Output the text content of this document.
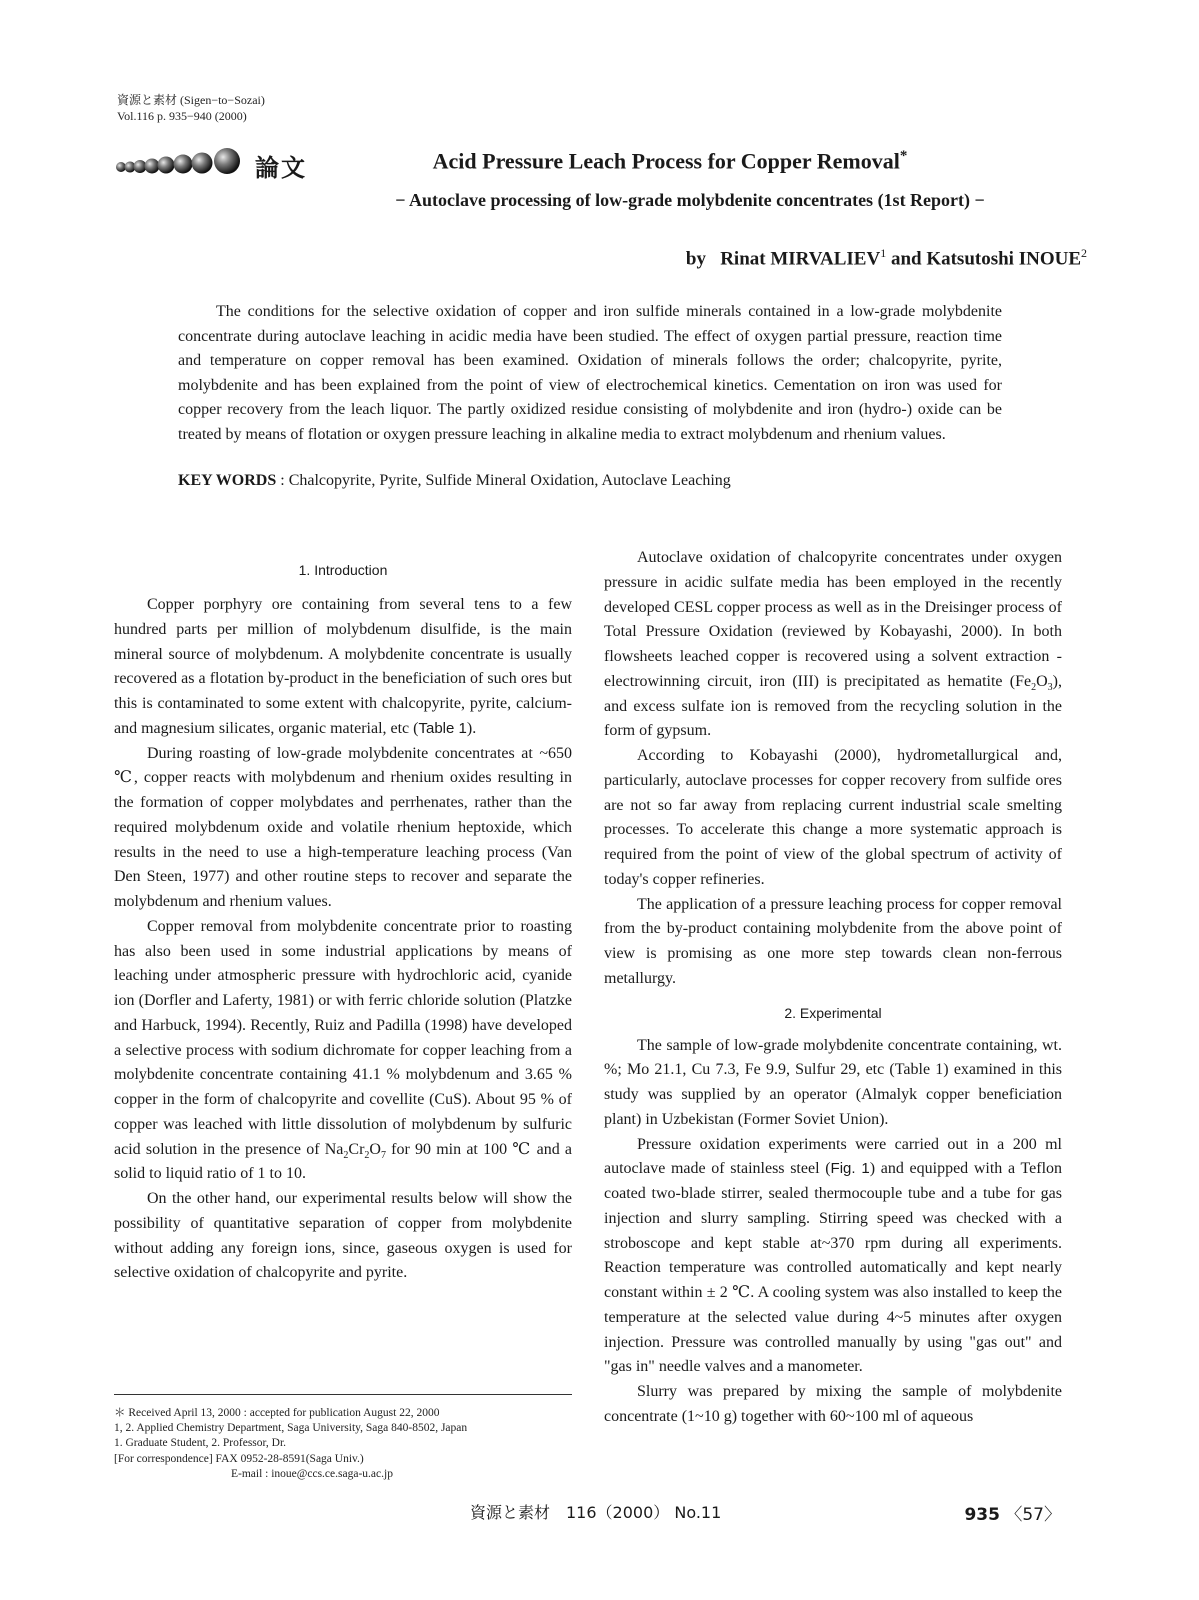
資源と素材 (Sigen−to−Sozai)
Vol.116 p. 935−940 (2000)
論文	Acid Pressure Leach Process for Copper Removal*
− Autoclave processing of low-grade molybdenite concentrates (1st Report) −
by Rinat MIRVALIEV$^1$ and Katsutoshi INOUE$^2$

The conditions for the selective oxidation of copper and iron sulfide minerals contained in a low-grade molybdenite concentrate during autoclave leaching in acidic media have been studied. The effect of oxygen partial pressure, reaction time and temperature on copper removal has been examined. Oxidation of minerals follows the order; chalcopyrite, pyrite, molybdenite and has been explained from the point of view of electrochemical kinetics. Cementation on iron was used for copper recovery from the leach liquor. The partly oxidized residue consisting of molybdenite and iron (hydro-) oxide can be treated by means of flotation or oxygen pressure leaching in alkaline media to extract molybdenum and rhenium values.

KEY WORDS : Chalcopyrite, Pyrite, Sulfide Mineral Oxidation, Autoclave Leaching
1. Introduction

Copper porphyry ore containing from several tens to a few hundred parts per million of molybdenum disulfide, is the main mineral source of molybdenum. A molybdenite concentrate is usually recovered as a flotation by-product in the beneficiation of such ores but this is contaminated to some extent with chalcopyrite, pyrite, calcium- and magnesium silicates, organic material, etc (Table 1).

During roasting of low-grade molybdenite concentrates at ~650 ℃, copper reacts with molybdenum and rhenium oxides resulting in the formation of copper molybdates and perrhenates, rather than the required molybdenum oxide and volatile rhenium heptoxide, which results in the need to use a high-temperature leaching process (Van Den Steen, 1977) and other routine steps to recover and separate the molybdenum and rhenium values.

Copper removal from molybdenite concentrate prior to roasting has also been used in some industrial applications by means of leaching under atmospheric pressure with hydrochloric acid, cyanide ion (Dorfler and Laferty, 1981) or with ferric chloride solution (Platzke and Harbuck, 1994). Recently, Ruiz and Padilla (1998) have developed a selective process with sodium dichromate for copper leaching from a molybdenite concentrate containing 41.1 % molybdenum and 3.65 % copper in the form of chalcopyrite and covellite (CuS). About 95 % of copper was leached with little dissolution of molybdenum by sulfuric acid solution in the presence of $Na_2Cr_2O_7$ for 90 min at 100 ℃ and a solid to liquid ratio of 1 to 10.

On the other hand, our experimental results below will show the possibility of quantitative separation of copper from molybdenite without adding any foreign ions, since, gaseous oxygen is used for selective oxidation of chalcopyrite and pyrite.

Autoclave oxidation of chalcopyrite concentrates under oxygen pressure in acidic sulfate media has been employed in the recently developed CESL copper process as well as in the Dreisinger process of Total Pressure Oxidation (reviewed by Kobayashi, 2000). In both flowsheets leached copper is recovered using a solvent extraction - electrowinning circuit, iron (III) is precipitated as hematite $(Fe_2O_3)$, and excess sulfate ion is removed from the recycling solution in the form of gypsum.

According to Kobayashi (2000), hydrometallurgical and, particularly, autoclave processes for copper recovery from sulfide ores are not so far away from replacing current industrial scale smelting processes. To accelerate this change a more systematic approach is required from the point of view of the global spectrum of activity of today's copper refineries.

The application of a pressure leaching process for copper removal from the by-product containing molybdenite from the above point of view is promising as one more step towards clean non-ferrous metallurgy.

2. Experimental

The sample of low-grade molybdenite concentrate containing, wt. %; Mo 21.1, Cu 7.3, Fe 9.9, Sulfur 29, etc (Table 1) examined in this study was supplied by an operator (Almalyk copper beneficiation plant) in Uzbekistan (Former Soviet Union).

Pressure oxidation experiments were carried out in a 200 ml autoclave made of stainless steel (Fig. 1) and equipped with a Teflon coated two-blade stirrer, sealed thermocouple tube and a tube for gas injection and slurry sampling. Stirring speed was checked with a stroboscope and kept stable at~370 rpm during all experiments. Reaction temperature was controlled automatically and kept nearly constant within ± 2 ℃. A cooling system was also installed to keep the temperature at the selected value during 4~5 minutes after oxygen injection. Pressure was controlled manually by using "gas out" and "gas in" needle valves and a manometer.

Slurry was prepared by mixing the sample of molybdenite concentrate (1~10 g) together with 60~100 ml of aqueous

＊ Received April 13, 2000 : accepted for publication August 22, 2000
1, 2. Applied Chemistry Department, Saga University, Saga 840-8502, Japan
1. Graduate Student, 2. Professor, Dr.
[For correspondence] FAX 0952-28-8591(Saga Univ.)
E-mail : inoue@ccs.ce.saga-u.ac.jp
資源と素材　116（2000） No.11	935 〈57〉
